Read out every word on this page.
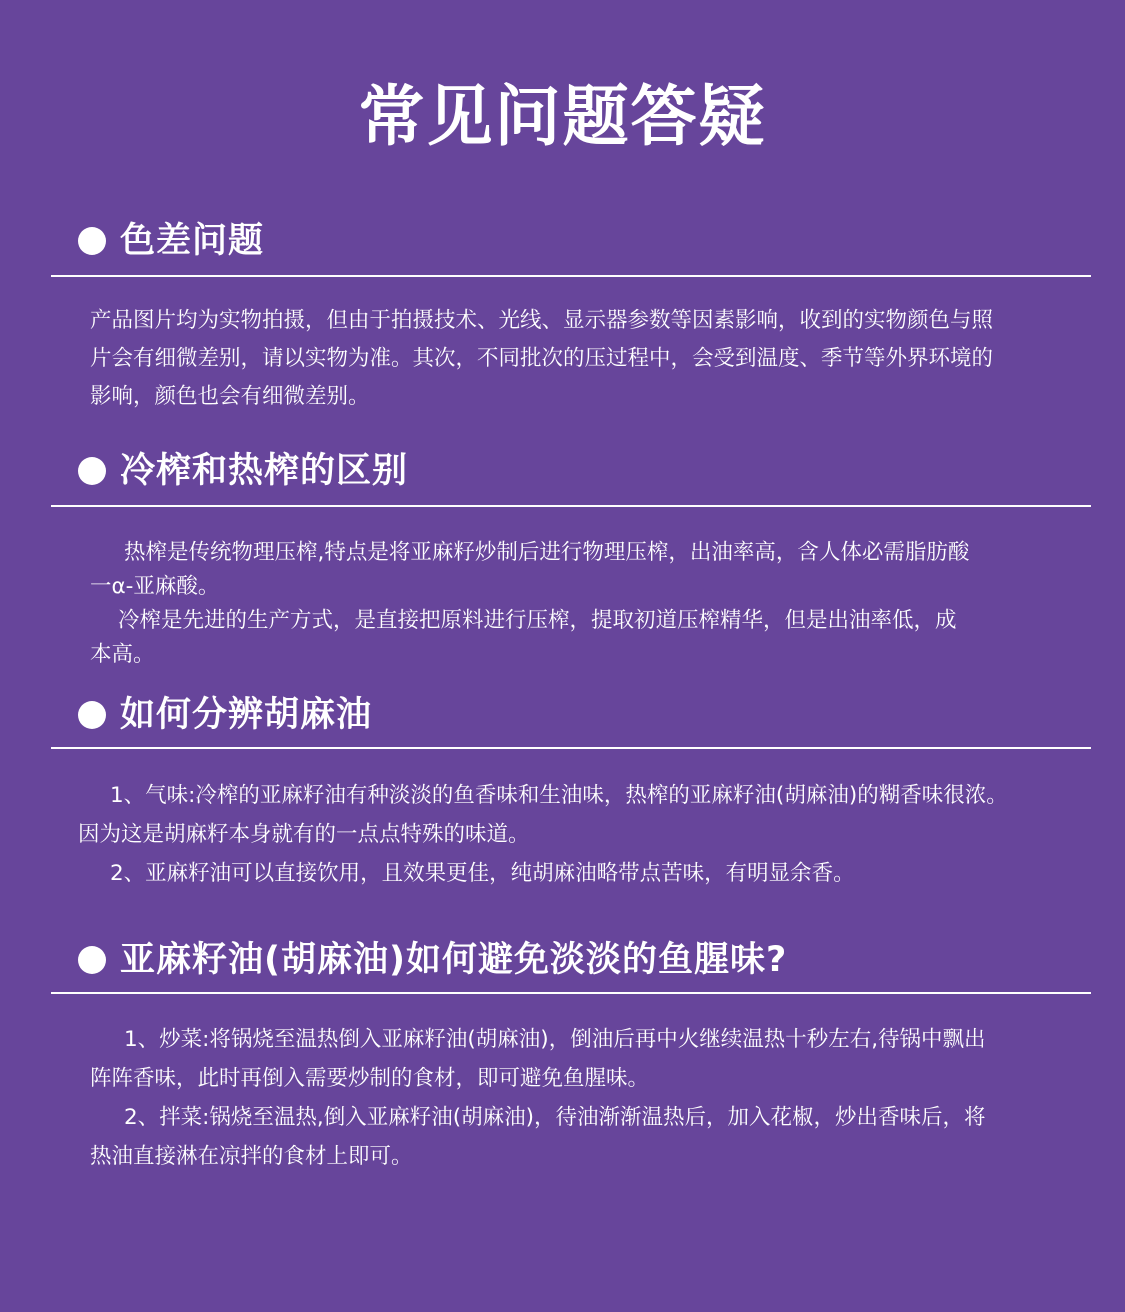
常见问题答疑
色差问题
产品图片均为实物拍摄，但由于拍摄技术、光线、显示器参数等因素影响，收到的实物颜色与照
片会有细微差别，请以实物为准。其次，不同批次的压过程中，会受到温度、季节等外界环境的
影响，颜色也会有细微差别。
冷榨和热榨的区别
热榨是传统物理压榨,特点是将亚麻籽炒制后进行物理压榨，出油率高，含人体必需脂肪酸
一α-亚麻酸。
冷榨是先进的生产方式，是直接把原料进行压榨，提取初道压榨精华，但是出油率低，成
本高。
如何分辨胡麻油
1、气味:冷榨的亚麻籽油有种淡淡的鱼香味和生油味，热榨的亚麻籽油(胡麻油)的糊香味很浓。
因为这是胡麻籽本身就有的一点点特殊的味道。
2、亚麻籽油可以直接饮用，且效果更佳，纯胡麻油略带点苦味，有明显余香。
亚麻籽油(胡麻油)如何避免淡淡的鱼腥味?
1、炒菜:将锅烧至温热倒入亚麻籽油(胡麻油)，倒油后再中火继续温热十秒左右,待锅中飘出
阵阵香味，此时再倒入需要炒制的食材，即可避免鱼腥味。
2、拌菜:锅烧至温热,倒入亚麻籽油(胡麻油)，待油渐渐温热后，加入花椒，炒出香味后，将
热油直接淋在凉拌的食材上即可。
